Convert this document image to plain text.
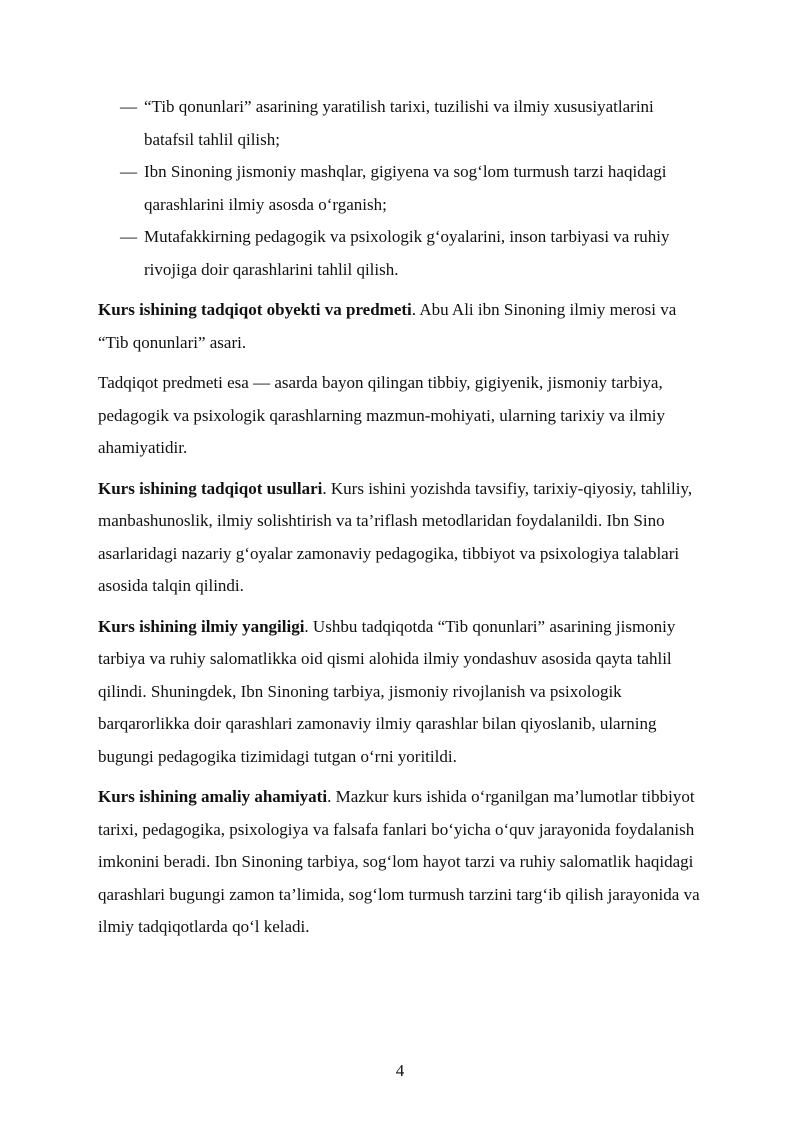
— “Tib qonunlari” asarining yaratilish tarixi, tuzilishi va ilmiy xususiyatlarini batafsil tahlil qilish;
— Ibn Sinoning jismoniy mashqlar, gigiyena va sog‘lom turmush tarzi haqidagi qarashlarini ilmiy asosda o‘rganish;
— Mutafakkirning pedagogik va psixologik g‘oyalarini, inson tarbiyasi va ruhiy rivojiga doir qarashlarini tahlil qilish.

Kurs ishining tadqiqot obyekti va predmeti. Abu Ali ibn Sinoning ilmiy merosi va “Tib qonunlari” asari.

Tadqiqot predmeti esa — asarda bayon qilingan tibbiy, gigiyenik, jismoniy tarbiya, pedagogik va psixologik qarashlarning mazmun-mohiyati, ularning tarixiy va ilmiy ahamiyatidir.

Kurs ishining tadqiqot usullari. Kurs ishini yozishda tavsifiy, tarixiy-qiyosiy, tahliliy, manbashunoslik, ilmiy solishtirish va ta’riflash metodlaridan foydalanildi. Ibn Sino asarlaridagi nazariy g‘oyalar zamonaviy pedagogika, tibbiyot va psixologiya talablari asosida talqin qilindi.

Kurs ishining ilmiy yangiligi. Ushbu tadqiqotda “Tib qonunlari” asarining jismoniy tarbiya va ruhiy salomatlikka oid qismi alohida ilmiy yondashuv asosida qayta tahlil qilindi. Shuningdek, Ibn Sinoning tarbiya, jismoniy rivojlanish va psixologik barqarorlikka doir qarashlari zamonaviy ilmiy qarashlar bilan qiyoslanib, ularning bugungi pedagogika tizimidagi tutgan o‘rni yoritildi.

Kurs ishining amaliy ahamiyati. Mazkur kurs ishida o‘rganilgan ma’lumotlar tibbiyot tarixi, pedagogika, psixologiya va falsafa fanlari bo‘yicha o‘quv jarayonida foydalanish imkonini beradi. Ibn Sinoning tarbiya, sog‘lom hayot tarzi va ruhiy salomatlik haqidagi qarashlari bugungi zamon ta’limida, sog‘lom turmush tarzini targ‘ib qilish jarayonida va ilmiy tadqiqotlarda qo‘l keladi.

4
